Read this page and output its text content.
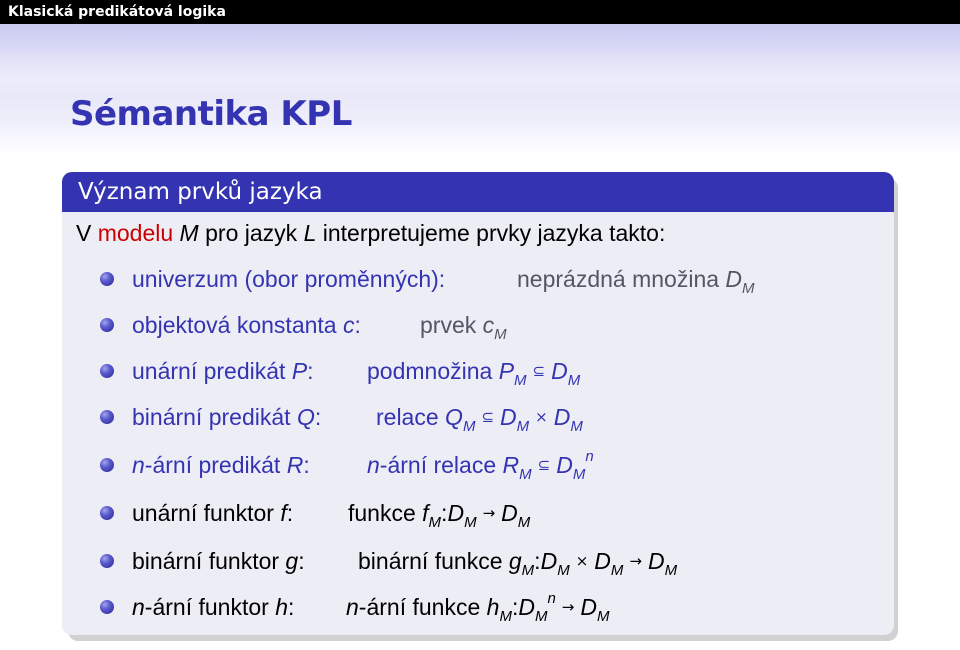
Klasická predikátová logika
Sémantika KPL
Význam prvků jazyka
V modelu M pro jazyk L interpretujeme prvky jazyka takto:
univerzum (obor proměnných):	neprázdná množina $D_M$
objektová konstanta c:	prvek $c_M$
unární predikát P: podmnožina $P_M⊆$ $D_M$
binární predikát Q: relace $Q_M⊆$ $D_M\times D_M$
n-ární predikát R: n-ární relace $R_M⊆$ $D_M^n$
unární funktor f: funkce $f_M:D_M\to D_M$
binární funktor g: binární funkce $g_M:D_M\times D_M\to D_M$
n-ární funktor h: n-ární funkce $h_M:D_M^n \to D_M$
